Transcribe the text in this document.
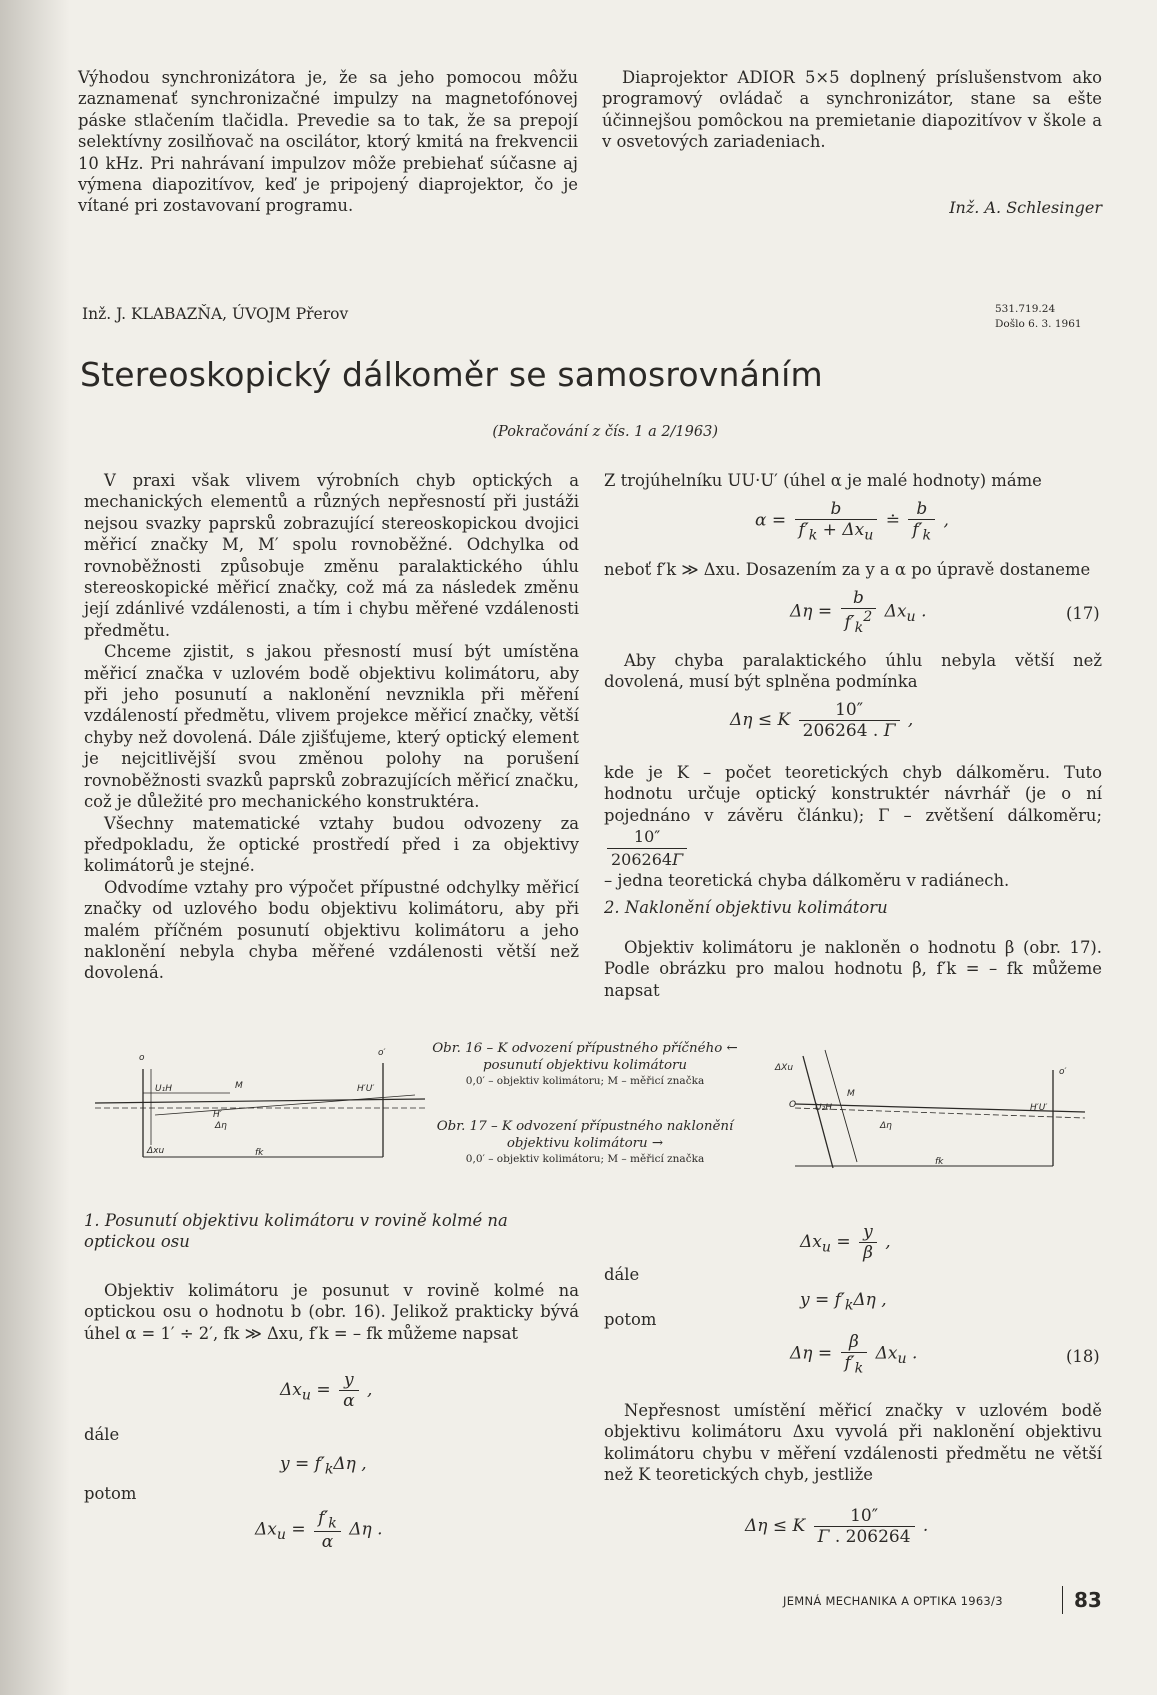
Výhodou synchronizátora je, že sa jeho pomocou môžu zaznamenať synchronizačné impulzy na magnetofónovej páske stlačením tlačidla. Prevedie sa to tak, že sa prepojí selektívny zosilňovač na oscilátor, ktorý kmitá na frekvencii 10 kHz. Pri nahrávaní impulzov môže prebiehať súčasne aj výmena diapozitívov, keď je pripojený diaprojektor, čo je vítané pri zostavovaní programu.

Diaprojektor ADIOR 5×5 doplnený príslušenstvom ako programový ovládač a synchronizátor, stane sa ešte účinnejšou pomôckou na premietanie diapozitívov v škole a v osvetových zariadeniach.

Inž. A. Schlesinger
Inž. J. KLABAZŇA, ÚVOJM Přerov	531.719.24
Došlo 6. 3. 1961
Stereoskopický dálkoměr se samosrovnáním
(Pokračování z čís. 1 a 2/1963)

V praxi však vlivem výrobních chyb optických a mechanických elementů a různých nepřesností při justáži nejsou svazky paprsků zobrazující stereoskopickou dvojici měřicí značky M, M′ spolu rovnoběžné. Odchylka od rovnoběžnosti způsobuje změnu paralaktického úhlu stereoskopické měřicí značky, což má za následek změnu její zdánlivé vzdálenosti, a tím i chybu měřené vzdálenosti předmětu.

Chceme zjistit, s jakou přesností musí být umístěna měřicí značka v uzlovém bodě objektivu kolimátoru, aby při jeho posunutí a naklonění nevznikla při měření vzdáleností předmětu, vlivem projekce měřicí značky, větší chyby než dovolená. Dále zjišťujeme, který optický element je nejcitlivější svou změnou polohy na porušení rovnoběžnosti svazků paprsků zobrazujících měřicí značku, což je důležité pro mechanického konstruktéra.

Všechny matematické vztahy budou odvozeny za předpokladu, že optické prostředí před i za objektivy kolimátorů je stejné.

Odvodíme vztahy pro výpočet přípustné odchylky měřicí značky od uzlového bodu objektivu kolimátoru, aby při malém příčném posunutí objektivu kolimátoru a jeho naklonění nebyla chyba měřené vzdálenosti větší než dovolená.

Z trojúhelníku UU·U′ (úhel α je malé hodnoty) máme

$\alpha = \frac{b}{f'_k + \Delta x_u}$ ≐ $\frac{b}{f'_k}$ ,

neboť f′k ≫ Δxu. Dosazením za y a α po úpravě dostaneme

$\Delta\eta = \frac{b}{f'_k^2} \Delta x_u$ .	(17)

Aby chyba paralaktického úhlu nebyla větší než dovolená, musí být splněna podmínka

Δη ≤ K $\frac{10''}{206264 . \Gamma}$ ,

kde je K – počet teoretických chyb dálkoměru. Tuto hodnotu určuje optický konstruktér návrhář (je o ní pojednáno v závěru článku); Γ – zvětšení dálkoměru;
$\frac{10''}{206264\Gamma}$

– jedna teoretická chyba dálkoměru v radiánech.

2. Naklonění objektivu kolimátoru

Objektiv kolimátoru je nakloněn o hodnotu β (obr. 17). Podle obrázku pro malou hodnotu β, f′k = – fk můžeme napsat

o	o′
U₁H	M	H′U′
H′
Δη
Δxu	fk
Obr. 16 – K odvození přípustného příčného ← posunutí objektivu kolimátoru
0,0′ – objektiv kolimátoru; M – měřicí značka
Obr. 17 – K odvození přípustného naklonění objektivu kolimátoru →
0,0′ – objektiv kolimátoru; M – měřicí značka
ΔXu
O
o′
U₂H
M
Δη
H′U′
fk
1. Posunutí objektivu kolimátoru v rovině kolmé na optickou osu

Objektiv kolimátoru je posunut v rovině kolmé na optickou osu o hodnotu b (obr. 16). Jelikož prakticky bývá úhel α = 1′ ÷ 2′, fk ≫ Δxu, f′k = – fk můžeme napsat

$\Delta x_u = \frac{y}{\alpha}$ ,
dále
$y = f'_k\Delta\eta$ ,
potom
$\Delta x_u = \frac{f'_k}{\alpha}$ Δη .
$\Delta x_u = \frac{y}{\beta}$ ,
dále
$y = f'_k\Delta\eta$ ,
potom
$\Delta\eta = \frac{\beta}{f'_k} \Delta x_u$ .	(18)

Nepřesnost umístění měřicí značky v uzlovém bodě objektivu kolimátoru Δxu vyvolá při naklonění objektivu kolimátoru chybu v měření vzdálenosti předmětu ne větší než K teoretických chyb, jestliže

Δη ≤ K $\frac{10''}{\Gamma . 206264}$ .
JEMNÁ MECHANIKA A OPTIKA 1963/3	83
